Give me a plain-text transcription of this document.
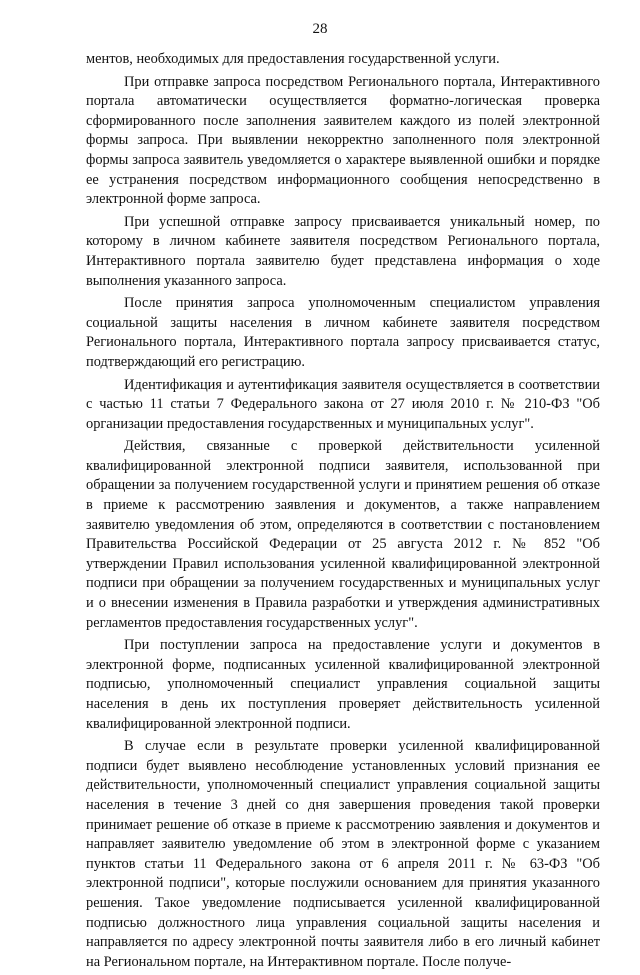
28

ментов, необходимых для предоставления государственной услуги.

При отправке запроса посредством Регионального портала, Интерактивного портала автоматически осуществляется форматно-логическая проверка сформированного после заполнения заявителем каждого из полей электронной формы запроса. При выявлении некорректно заполненного поля электронной формы запроса заявитель уведомляется о характере выявленной ошибки и порядке ее устранения посредством информационного сообщения непосредственно в электронной форме запроса.

При успешной отправке запросу присваивается уникальный номер, по которому в личном кабинете заявителя посредством Регионального портала, Интерактивного портала заявителю будет представлена информация о ходе выполнения указанного запроса.

После принятия запроса уполномоченным специалистом управления социальной защиты населения в личном кабинете заявителя посредством Регионального портала, Интерактивного портала запросу присваивается статус, подтверждающий его регистрацию.

Идентификация и аутентификация заявителя осуществляется в соответствии с частью 11 статьи 7 Федерального закона от 27 июля 2010 г. № 210-ФЗ "Об организации предоставления государственных и муниципальных услуг".

Действия, связанные с проверкой действительности усиленной квалифицированной электронной подписи заявителя, использованной при обращении за получением государственной услуги и принятием решения об отказе в приеме к рассмотрению заявления и документов, а также направлением заявителю уведомления об этом, определяются в соответствии с постановлением Правительства Российской Федерации от 25 августа 2012 г. № 852 "Об утверждении Правил использования усиленной квалифицированной электронной подписи при обращении за получением государственных и муниципальных услуг и о внесении изменения в Правила разработки и утверждения административных регламентов предоставления государственных услуг".

При поступлении запроса на предоставление услуги и документов в электронной форме, подписанных усиленной квалифицированной электронной подписью, уполномоченный специалист управления социальной защиты населения в день их поступления проверяет действительность усиленной квалифицированной электронной подписи.

В случае если в результате проверки усиленной квалифицированной подписи будет выявлено несоблюдение установленных условий признания ее действительности, уполномоченный специалист управления социальной защиты населения в течение 3 дней со дня завершения проведения такой проверки принимает решение об отказе в приеме к рассмотрению заявления и документов и направляет заявителю уведомление об этом в электронной форме с указанием пунктов статьи 11 Федерального закона от 6 апреля 2011 г. № 63-ФЗ "Об электронной подписи", которые послужили основанием для принятия указанного решения. Такое уведомление подписывается усиленной квалифицированной подписью должностного лица управления социальной защиты населения и направляется по адресу электронной почты заявителя либо в его личный кабинет на Региональном портале, на Интерактивном портале. После получе-
